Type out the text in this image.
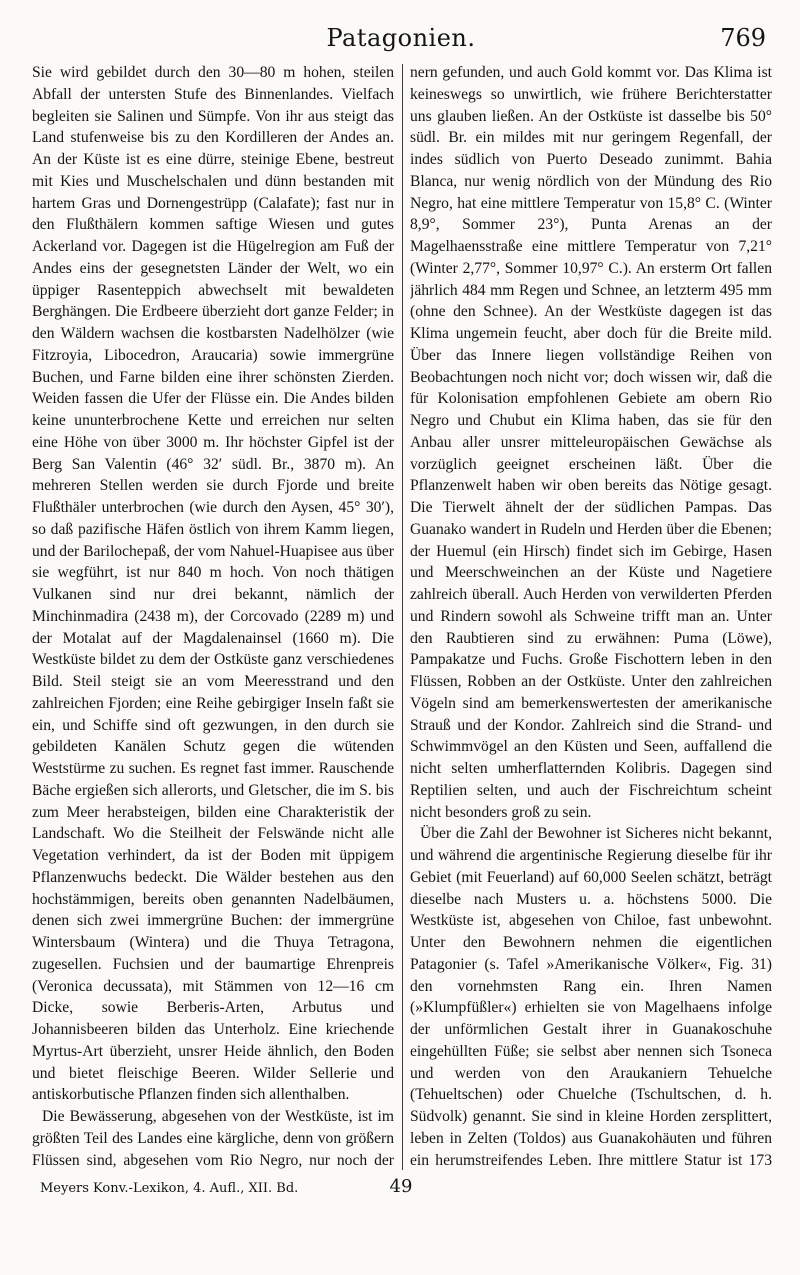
Patagonien.	769

Sie wird gebildet durch den 30—80 m hohen, steilen Abfall der untersten Stufe des Binnenlandes. Vielfach begleiten sie Salinen und Sümpfe. Von ihr aus steigt das Land stufenweise bis zu den Kordilleren der Andes an. An der Küste ist es eine dürre, steinige Ebene, bestreut mit Kies und Muschelschalen und dünn bestanden mit hartem Gras und Dornengestrüpp (Calafate); fast nur in den Flußthälern kommen saftige Wiesen und gutes Ackerland vor. Dagegen ist die Hügelregion am Fuß der Andes eins der gesegnetsten Länder der Welt, wo ein üppiger Rasenteppich abwechselt mit bewaldeten Berghängen. Die Erdbeere überzieht dort ganze Felder; in den Wäldern wachsen die kostbarsten Nadelhölzer (wie Fitzroyia, Libocedron, Araucaria) sowie immergrüne Buchen, und Farne bilden eine ihrer schönsten Zierden. Weiden fassen die Ufer der Flüsse ein. Die Andes bilden keine ununterbrochene Kette und erreichen nur selten eine Höhe von über 3000 m. Ihr höchster Gipfel ist der Berg San Valentin (46° 32′ südl. Br., 3870 m). An mehreren Stellen werden sie durch Fjorde und breite Flußthäler unterbrochen (wie durch den Aysen, 45° 30′), so daß pazifische Häfen östlich von ihrem Kamm liegen, und der Barilochepaß, der vom Nahuel-Huapisee aus über sie wegführt, ist nur 840 m hoch. Von noch thätigen Vulkanen sind nur drei bekannt, nämlich der Minchinmadira (2438 m), der Corcovado (2289 m) und der Motalat auf der Magdalenainsel (1660 m). Die Westküste bildet zu dem der Ostküste ganz verschiedenes Bild. Steil steigt sie an vom Meeresstrand und den zahlreichen Fjorden; eine Reihe gebirgiger Inseln faßt sie ein, und Schiffe sind oft gezwungen, in den durch sie gebildeten Kanälen Schutz gegen die wütenden Weststürme zu suchen. Es regnet fast immer. Rauschende Bäche ergießen sich allerorts, und Gletscher, die im S. bis zum Meer herabsteigen, bilden eine Charakteristik der Landschaft. Wo die Steilheit der Felswände nicht alle Vegetation verhindert, da ist der Boden mit üppigem Pflanzenwuchs bedeckt. Die Wälder bestehen aus den hochstämmigen, bereits oben genannten Nadelbäumen, denen sich zwei immergrüne Buchen: der immergrüne Wintersbaum (Wintera) und die Thuya Tetragona, zugesellen. Fuchsien und der baumartige Ehrenpreis (Veronica decussata), mit Stämmen von 12—16 cm Dicke, sowie Berberis-Arten, Arbutus und Johannisbeeren bilden das Unterholz. Eine kriechende Myrtus-Art überzieht, unsrer Heide ähnlich, den Boden und bietet fleischige Beeren. Wilder Sellerie und antiskorbutische Pflanzen finden sich allenthalben.

Die Bewässerung, abgesehen von der Westküste, ist im größten Teil des Landes eine kärgliche, denn von größern Flüssen sind, abgesehen vom Rio Negro, nur noch der

nern gefunden, und auch Gold kommt vor. Das Klima ist keineswegs so unwirtlich, wie frühere Berichterstatter uns glauben ließen. An der Ostküste ist dasselbe bis 50° südl. Br. ein mildes mit nur geringem Regenfall, der indes südlich von Puerto Deseado zunimmt. Bahia Blanca, nur wenig nördlich von der Mündung des Rio Negro, hat eine mittlere Temperatur von 15,8° C. (Winter 8,9°, Sommer 23°), Punta Arenas an der Magelhaensstraße eine mittlere Temperatur von 7,21° (Winter 2,77°, Sommer 10,97° C.). An ersterm Ort fallen jährlich 484 mm Regen und Schnee, an letzterm 495 mm (ohne den Schnee). An der Westküste dagegen ist das Klima ungemein feucht, aber doch für die Breite mild. Über das Innere liegen vollständige Reihen von Beobachtungen noch nicht vor; doch wissen wir, daß die für Kolonisation empfohlenen Gebiete am obern Rio Negro und Chubut ein Klima haben, das sie für den Anbau aller unsrer mitteleuropäischen Gewächse als vorzüglich geeignet erscheinen läßt. Über die Pflanzenwelt haben wir oben bereits das Nötige gesagt. Die Tierwelt ähnelt der der südlichen Pampas. Das Guanako wandert in Rudeln und Herden über die Ebenen; der Huemul (ein Hirsch) findet sich im Gebirge, Hasen und Meerschweinchen an der Küste und Nagetiere zahlreich überall. Auch Herden von verwilderten Pferden und Rindern sowohl als Schweine trifft man an. Unter den Raubtieren sind zu erwähnen: Puma (Löwe), Pampakatze und Fuchs. Große Fischottern leben in den Flüssen, Robben an der Ostküste. Unter den zahlreichen Vögeln sind am bemerkenswertesten der amerikanische Strauß und der Kondor. Zahlreich sind die Strand- und Schwimmvögel an den Küsten und Seen, auffallend die nicht selten umherflatternden Kolibris. Dagegen sind Reptilien selten, und auch der Fischreichtum scheint nicht besonders groß zu sein.

Über die Zahl der Bewohner ist Sicheres nicht bekannt, und während die argentinische Regierung dieselbe für ihr Gebiet (mit Feuerland) auf 60,000 Seelen schätzt, beträgt dieselbe nach Musters u. a. höchstens 5000. Die Westküste ist, abgesehen von Chiloe, fast unbewohnt. Unter den Bewohnern nehmen die eigentlichen Patagonier (s. Tafel »Amerikanische Völker«, Fig. 31) den vornehmsten Rang ein. Ihren Namen (»Klumpfüßler«) erhielten sie von Magelhaens infolge der unförmlichen Gestalt ihrer in Guanakoschuhe eingehüllten Füße; sie selbst aber nennen sich Tsoneca und werden von den Araukaniern Tehuelche (Tehueltschen) oder Chuelche (Tschultschen, d. h. Südvolk) genannt. Sie sind in kleine Horden zersplittert, leben in Zelten (Toldos) aus Guanakohäuten und führen ein herumstreifendes Leben. Ihre mittlere Statur ist 173

Meyers Konv.-Lexikon, 4. Aufl., XII. Bd.	49
